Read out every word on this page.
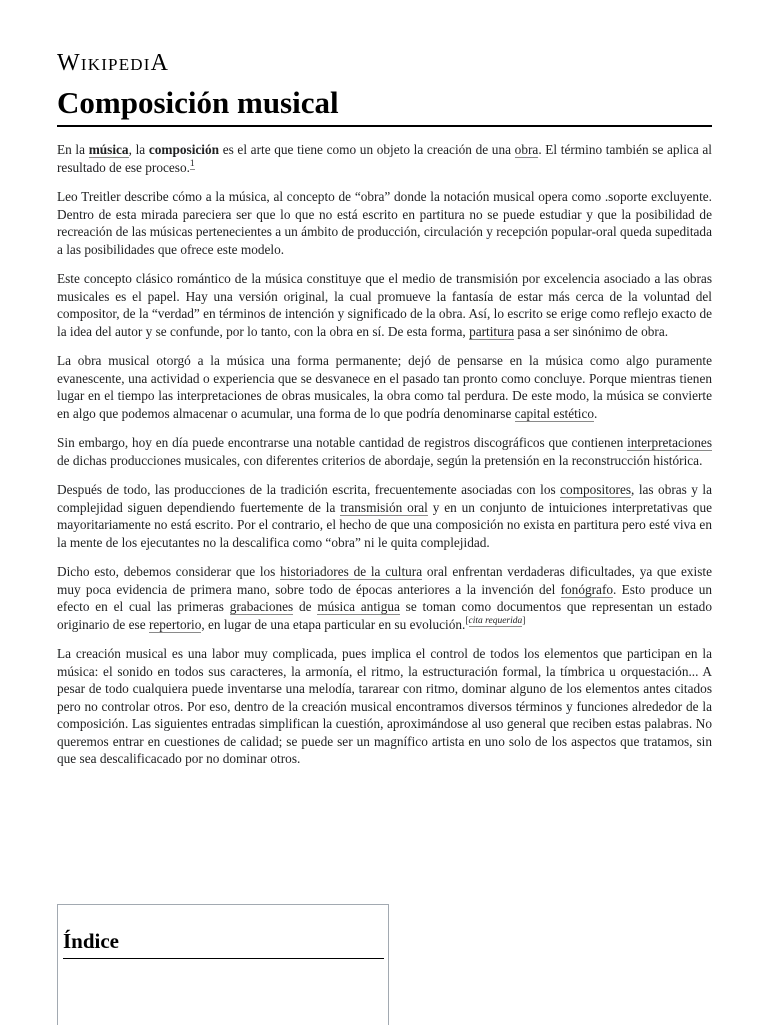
WIKIPEDIA
Composición musical

En la música, la composición es el arte que tiene como un objeto la creación de una obra. El término también se aplica al resultado de ese proceso.$^1$

Leo Treitler describe cómo a la música, al concepto de “obra” donde la notación musical opera como .soporte excluyente. Dentro de esta mirada pareciera ser que lo que no está escrito en partitura no se puede estudiar y que la posibilidad de recreación de las músicas pertenecientes a un ámbito de producción, circulación y recepción popular-oral queda supeditada a las posibilidades que ofrece este modelo.

Este concepto clásico romántico de la música constituye que el medio de transmisión por excelencia asociado a las obras musicales es el papel. Hay una versión original, la cual promueve la fantasía de estar más cerca de la voluntad del compositor, de la “verdad” en términos de intención y significado de la obra. Así, lo escrito se erige como reflejo exacto de la idea del autor y se confunde, por lo tanto, con la obra en sí. De esta forma, partitura pasa a ser sinónimo de obra.

La obra musical otorgó a la música una forma permanente; dejó de pensarse en la música como algo puramente evanescente, una actividad o experiencia que se desvanece en el pasado tan pronto como concluye. Porque mientras tienen lugar en el tiempo las interpretaciones de obras musicales, la obra como tal perdura. De este modo, la música se convierte en algo que podemos almacenar o acumular, una forma de lo que podría denominarse capital estético.

Sin embargo, hoy en día puede encontrarse una notable cantidad de registros discográficos que contienen interpretaciones de dichas producciones musicales, con diferentes criterios de abordaje, según la pretensión en la reconstrucción histórica.

Después de todo, las producciones de la tradición escrita, frecuentemente asociadas con los compositores, las obras y la complejidad siguen dependiendo fuertemente de la transmisión oral y en un conjunto de intuiciones interpretativas que mayoritariamente no está escrito. Por el contrario, el hecho de que una composición no exista en partitura pero esté viva en la mente de los ejecutantes no la descalifica como “obra” ni le quita complejidad.

Dicho esto, debemos considerar que los historiadores de la cultura oral enfrentan verdaderas dificultades, ya que existe muy poca evidencia de primera mano, sobre todo de épocas anteriores a la invención del fonógrafo. Esto produce un efecto en el cual las primeras grabaciones de música antigua se toman como documentos que representan un estado originario de ese repertorio, en lugar de una etapa particular en su evolución.[cita requerida]

La creación musical es una labor muy complicada, pues implica el control de todos los elementos que participan en la música: el sonido en todos sus caracteres, la armonía, el ritmo, la estructuración formal, la tímbrica u orquestación... A pesar de todo cualquiera puede inventarse una melodía, tararear con ritmo, dominar alguno de los elementos antes citados pero no controlar otros. Por eso, dentro de la creación musical encontramos diversos términos y funciones alrededor de la composición. Las siguientes entradas simplifican la cuestión, aproximándose al uso general que reciben estas palabras. No queremos entrar en cuestiones de calidad; se puede ser un magnífico artista en uno solo de los aspectos que tratamos, sin que sea descalificacado por no dominar otros.

Índice
